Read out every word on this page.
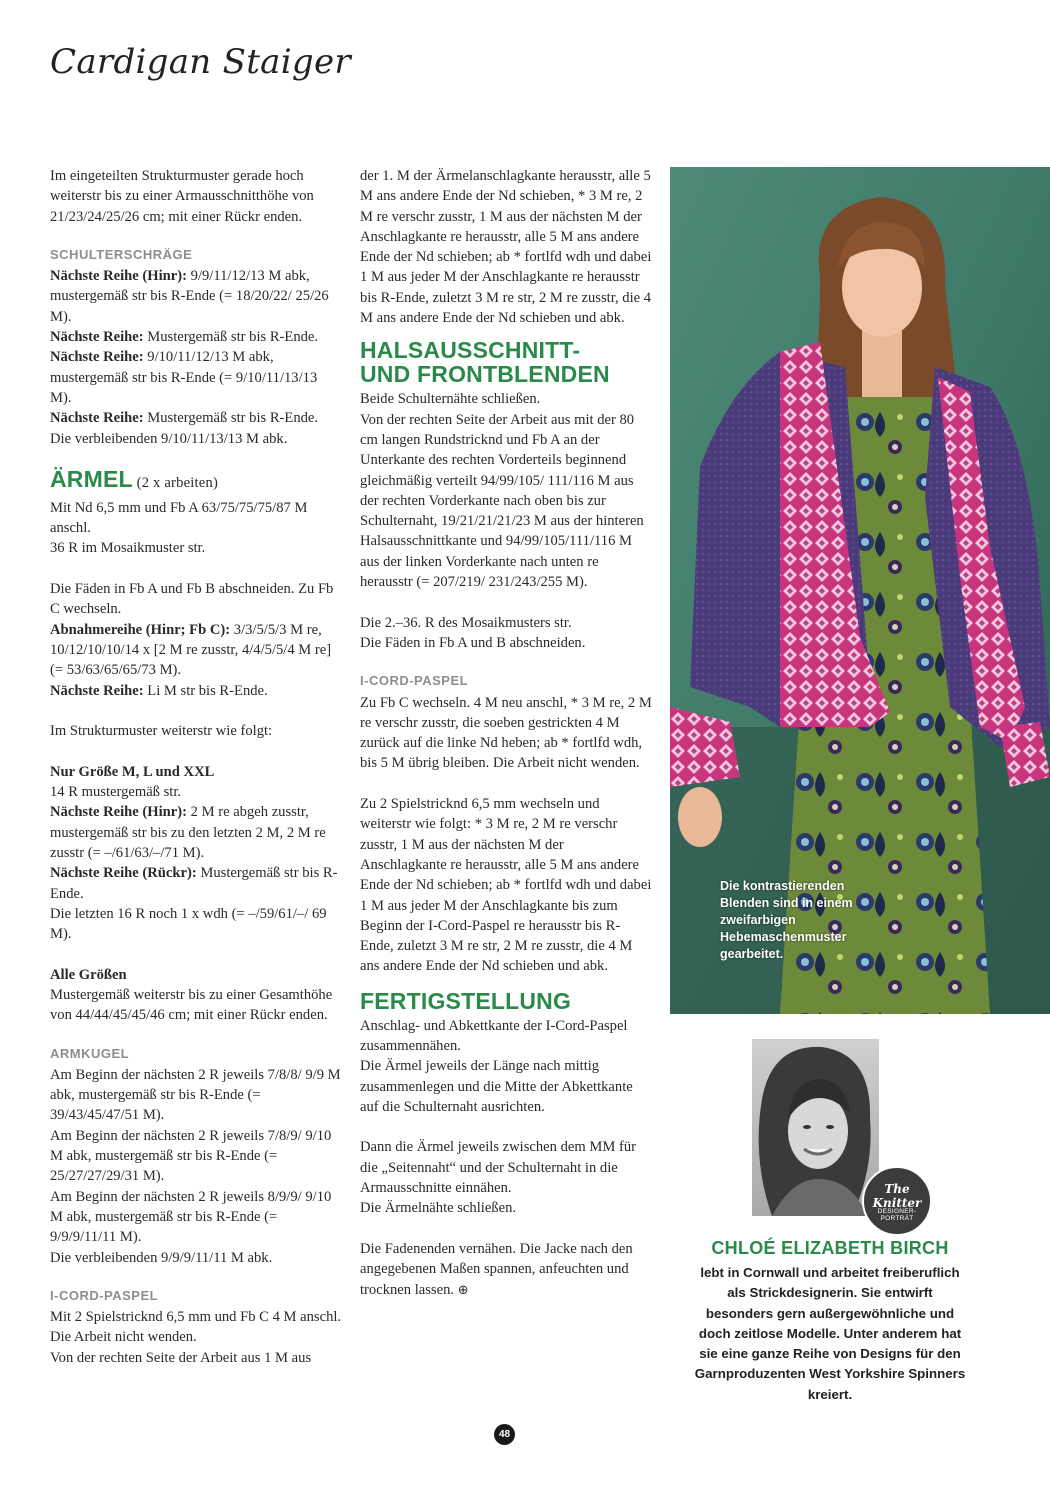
Cardigan Staiger

Im eingeteilten Strukturmuster gerade hoch weiterstr bis zu einer Armausschnitthöhe von 21/23/24/25/26 cm; mit einer Rückr enden.

SCHULTERSCHRÄGE

Nächste Reihe (Hinr): 9/9/11/12/13 M abk, mustergemäß str bis R-Ende (= 18/20/22/ 25/26 M).

Nächste Reihe: Mustergemäß str bis R-Ende.

Nächste Reihe: 9/10/11/12/13 M abk, mustergemäß str bis R-Ende (= 9/10/11/13/13 M).

Nächste Reihe: Mustergemäß str bis R-Ende.

Die verbleibenden 9/10/11/13/13 M abk.

ÄRMEL (2 x arbeiten)

Mit Nd 6,5 mm und Fb A 63/75/75/75/87 M anschl.

36 R im Mosaikmuster str.

Die Fäden in Fb A und Fb B abschneiden. Zu Fb C wechseln.

Abnahmereihe (Hinr; Fb C): 3/3/5/5/3 M re, 10/12/10/10/14 x [2 M re zusstr, 4/4/5/5/4 M re] (= 53/63/65/65/73 M).

Nächste Reihe: Li M str bis R-Ende.

Im Strukturmuster weiterstr wie folgt:

Nur Größe M, L und XXL

14 R mustergemäß str.

Nächste Reihe (Hinr): 2 M re abgeh zusstr, mustergemäß str bis zu den letzten 2 M, 2 M re zusstr (= –/61/63/–/71 M).

Nächste Reihe (Rückr): Mustergemäß str bis R-Ende.

Die letzten 16 R noch 1 x wdh (= –/59/61/–/ 69 M).

Alle Größen

Mustergemäß weiterstr bis zu einer Gesamthöhe von 44/44/45/45/46 cm; mit einer Rückr enden.

ARMKUGEL

Am Beginn der nächsten 2 R jeweils 7/8/8/ 9/9 M abk, mustergemäß str bis R-Ende (= 39/43/45/47/51 M).

Am Beginn der nächsten 2 R jeweils 7/8/9/ 9/10 M abk, mustergemäß str bis R-Ende (= 25/27/27/29/31 M).

Am Beginn der nächsten 2 R jeweils 8/9/9/ 9/10 M abk, mustergemäß str bis R-Ende (= 9/9/9/11/11 M).

Die verbleibenden 9/9/9/11/11 M abk.

I-CORD-PASPEL

Mit 2 Spielstricknd 6,5 mm und Fb C 4 M anschl. Die Arbeit nicht wenden.

Von der rechten Seite der Arbeit aus 1 M aus

der 1. M der Ärmelanschlagkante herausstr, alle 5 M ans andere Ende der Nd schieben, * 3 M re, 2 M re verschr zusstr, 1 M aus der nächsten M der Anschlagkante re herausstr, alle 5 M ans andere Ende der Nd schieben; ab * fortlfd wdh und dabei 1 M aus jeder M der Anschlagkante re herausstr bis R-Ende, zuletzt 3 M re str, 2 M re zusstr, die 4 M ans andere Ende der Nd schieben und abk.

HALSAUSSCHNITT-
UND FRONTBLENDEN

Beide Schulternähte schließen.

Von der rechten Seite der Arbeit aus mit der 80 cm langen Rundstricknd und Fb A an der Unterkante des rechten Vorderteils beginnend gleichmäßig verteilt 94/99/105/ 111/116 M aus der rechten Vorderkante nach oben bis zur Schulternaht, 19/21/21/21/23 M aus der hinteren Halsausschnittkante und 94/99/105/111/116 M aus der linken Vorderkante nach unten re herausstr (= 207/219/ 231/243/255 M).

Die 2.–36. R des Mosaikmusters str.

Die Fäden in Fb A und B abschneiden.

I-CORD-PASPEL

Zu Fb C wechseln. 4 M neu anschl, * 3 M re, 2 M re verschr zusstr, die soeben gestrickten 4 M zurück auf die linke Nd heben; ab * fortlfd wdh, bis 5 M übrig bleiben. Die Arbeit nicht wenden.

Zu 2 Spielstricknd 6,5 mm wechseln und weiterstr wie folgt: * 3 M re, 2 M re verschr zusstr, 1 M aus der nächsten M der Anschlagkante re herausstr, alle 5 M ans andere Ende der Nd schieben; ab * fortlfd wdh und dabei 1 M aus jeder M der Anschlagkante bis zum Beginn der I-Cord-Paspel re herausstr bis R-Ende, zuletzt 3 M re str, 2 M re zusstr, die 4 M ans andere Ende der Nd schieben und abk.

FERTIGSTELLUNG

Anschlag- und Abkettkante der I-Cord-Paspel zusammennähen.

Die Ärmel jeweils der Länge nach mittig zusammenlegen und die Mitte der Abkettkante auf die Schulternaht ausrichten.

Dann die Ärmel jeweils zwischen dem MM für die „Seitennaht“ und der Schulternaht in die Armausschnitte einnähen.

Die Ärmelnähte schließen.

Die Fadenenden vernähen. Die Jacke nach den angegebenen Maßen spannen, anfeuchten und trocknen lassen. ⊕

Die kontrastierenden Blenden sind in einem zweifarbigen Hebemaschenmuster gearbeitet.
The Knitter
DESIGNER-PORTRÄT
CHLOÉ ELIZABETH BIRCH
lebt in Cornwall und arbeitet freiberuflich als Strickdesignerin. Sie entwirft besonders gern außergewöhnliche und doch zeitlose Modelle. Unter anderem hat sie eine ganze Reihe von Designs für den Garnproduzenten West Yorkshire Spinners kreiert.
48
